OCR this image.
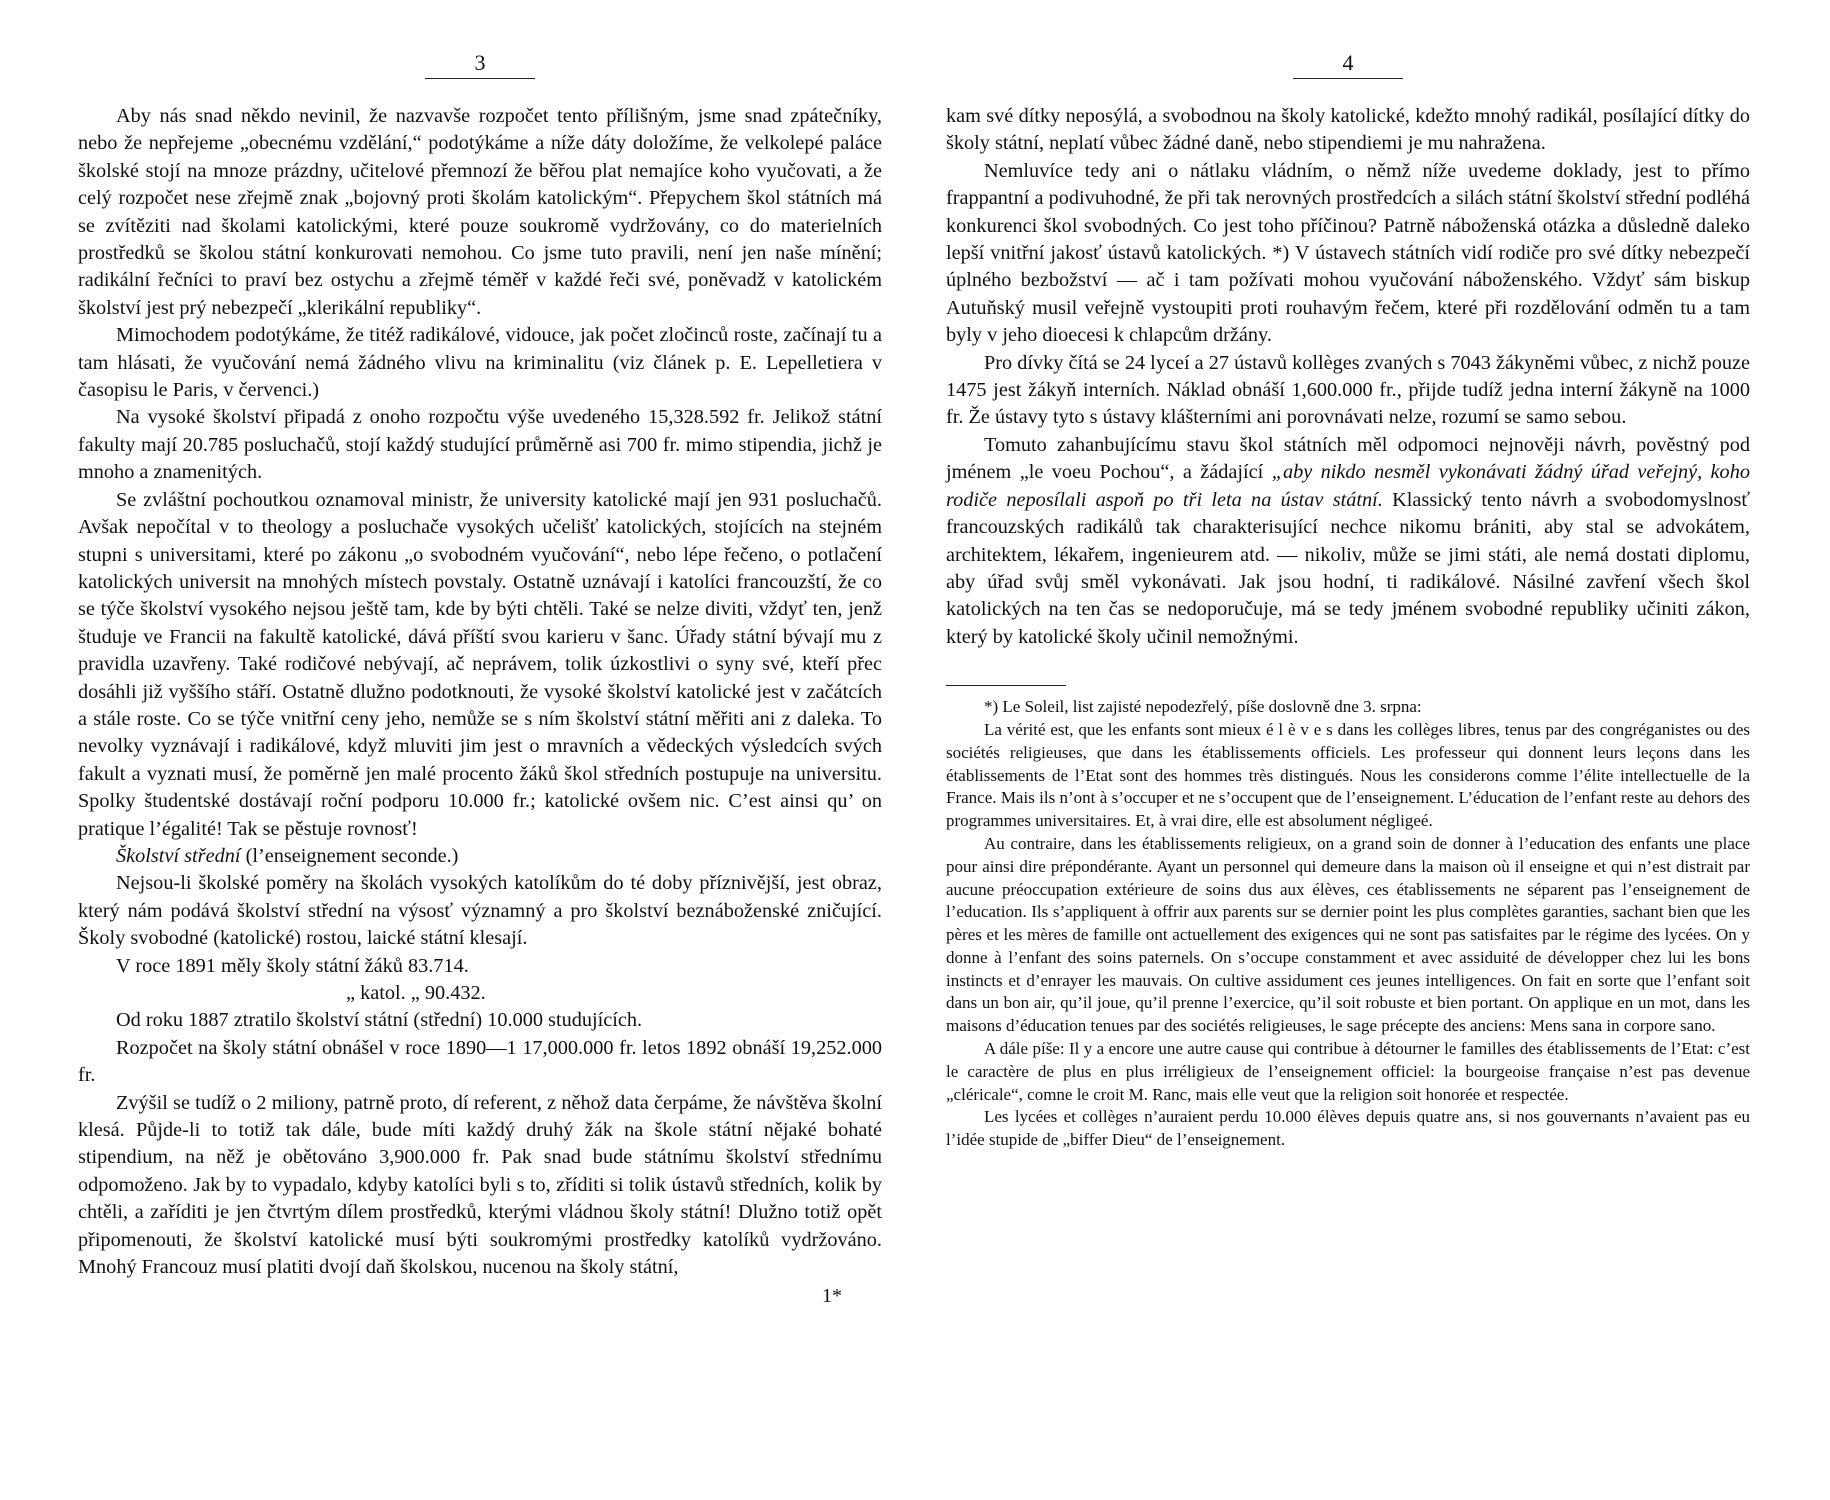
3

Aby nás snad někdo nevinil, že nazvavše rozpočet tento přílišným, jsme snad zpátečníky, nebo že nepřejeme „obecnému vzdělání,“ podotýkáme a níže dáty doložíme, že velkolepé paláce školské stojí na mnoze prázdny, učitelové přemnozí že běřou plat nemajíce koho vyučovati, a že celý rozpočet nese zřejmě znak „bojovný proti školám katolickým“. Přepychem škol státních má se zvítěziti nad školami katolickými, které pouze soukromě vydržovány, co do materielních prostředků se školou státní konkurovati nemohou. Co jsme tuto pravili, není jen naše mínění; radikální řečníci to praví bez ostychu a zřejmě téměř v každé řeči své, poněvadž v katolickém školství jest prý nebezpečí „klerikální republiky“.

Mimochodem podotýkáme, že titéž radikálové, vidouce, jak počet zločinců roste, začínají tu a tam hlásati, že vyučování nemá žádného vlivu na kriminalitu (viz článek p. E. Lepelletiera v časopisu le Paris, v červenci.)

Na vysoké školství připadá z onoho rozpočtu výše uvedeného 15,328.592 fr. Jelikož státní fakulty mají 20.785 posluchačů, stojí každý studující průměrně asi 700 fr. mimo stipendia, jichž je mnoho a znamenitých.

Se zvláštní pochoutkou oznamoval ministr, že university katolické mají jen 931 posluchačů. Avšak nepočítal v to theology a posluchače vysokých učelišť katolických, stojících na stejném stupni s universitami, které po zákonu „o svobodném vyučování“, nebo lépe řečeno, o potlačení katolických universit na mnohých místech povstaly. Ostatně uznávají i katolíci francouzští, že co se týče školství vysokého nejsou ještě tam, kde by býti chtěli. Také se nelze diviti, vždyť ten, jenž študuje ve Francii na fakultě katolické, dává příští svou karieru v šanc. Úřady státní bývají mu z pravidla uzavřeny. Také rodičové nebývají, ač neprávem, tolik úzkostlivi o syny své, kteří přec dosáhli již vyššího stáří. Ostatně dlužno podotknouti, že vysoké školství katolické jest v začátcích a stále roste. Co se týče vnitřní ceny jeho, nemůže se s ním školství státní měřiti ani z daleka. To nevolky vyznávají i radikálové, když mluviti jim jest o mravních a vědeckých výsledcích svých fakult a vyznati musí, že poměrně jen malé procento žáků škol středních postupuje na universitu. Spolky študentské dostávají roční podporu 10.000 fr.; katolické ovšem nic. C’est ainsi qu’ on pratique l’égalité! Tak se pěstuje rovnosť!

Školství střední (l’enseignement seconde.)

Nejsou-li školské poměry na školách vysokých katolíkům do té doby příznivější, jest obraz, který nám podává školství střední na výsosť významný a pro školství beznáboženské zničující. Školy svobodné (katolické) rostou, laické státní klesají.

V roce 1891 měly školy státní žáků 83.714.

„ katol. „ 90.432.

Od roku 1887 ztratilo školství státní (střední) 10.000 studujících.

Rozpočet na školy státní obnášel v roce 1890—1 17,000.000 fr. letos 1892 obnáší 19,252.000 fr.

Zvýšil se tudíž o 2 miliony, patrně proto, dí referent, z něhož data čerpáme, že návštěva školní klesá. Půjde-li to totiž tak dále, bude míti každý druhý žák na škole státní nějaké bohaté stipendium, na něž je obětováno 3,900.000 fr. Pak snad bude státnímu školství střednímu odpomoženo. Jak by to vypadalo, kdyby katolíci byli s to, zříditi si tolik ústavů středních, kolik by chtěli, a zaříditi je jen čtvrtým dílem prostředků, kterými vládnou školy státní! Dlužno totiž opět připomenouti, že školství katolické musí býti soukromými prostředky katolíků vydržováno. Mnohý Francouz musí platiti dvojí daň školskou, nucenou na školy státní,

1*
4

kam své dítky neposýlá, a svobodnou na školy katolické, kdežto mnohý radikál, posílající dítky do školy státní, neplatí vůbec žádné daně, nebo stipendiemi je mu nahražena.

Nemluvíce tedy ani o nátlaku vládním, o němž níže uvedeme doklady, jest to přímo frappantní a podivuhodné, že při tak nerovných prostředcích a silách státní školství střední podléhá konkurenci škol svobodných. Co jest toho příčinou? Patrně náboženská otázka a důsledně daleko lepší vnitřní jakosť ústavů katolických. *) V ústavech státních vidí rodiče pro své dítky nebezpečí úplného bezbožství — ač i tam požívati mohou vyučování náboženského. Vždyť sám biskup Autuňský musil veřejně vystoupiti proti rouhavým řečem, které při rozdělování odměn tu a tam byly v jeho dioecesi k chlapcům držány.

Pro dívky čítá se 24 lyceí a 27 ústavů kollèges zvaných s 7043 žákyněmi vůbec, z nichž pouze 1475 jest žákyň interních. Náklad obnáší 1,600.000 fr., přijde tudíž jedna interní žákyně na 1000 fr. Že ústavy tyto s ústavy klášterními ani porovnávati nelze, rozumí se samo sebou.

Tomuto zahanbujícímu stavu škol státních měl odpomoci nejnověji návrh, pověstný pod jménem „le voeu Pochou“, a žádající „aby nikdo nesměl vykonávati žádný úřad veřejný, koho rodiče neposílali aspoň po tři leta na ústav státní. Klassický tento návrh a svobodomyslnosť francouzských radikálů tak charakterisující nechce nikomu brániti, aby stal se advokátem, architektem, lékařem, ingenieurem atd. — nikoliv, může se jimi státi, ale nemá dostati diplomu, aby úřad svůj směl vykonávati. Jak jsou hodní, ti radikálové. Násilné zavření všech škol katolických na ten čas se nedoporučuje, má se tedy jménem svobodné republiky učiniti zákon, který by katolické školy učinil nemožnými.

*) Le Soleil, list zajisté nepodezřelý, píše doslovně dne 3. srpna:

La vérité est, que les enfants sont mieux é l è v e s dans les collèges libres, tenus par des congréganistes ou des sociétés religieuses, que dans les établissements officiels. Les professeur qui donnent leurs leçons dans les établissements de l’Etat sont des hommes très distingués. Nous les considerons comme l’élite intellectuelle de la France. Mais ils n’ont à s’occuper et ne s’occupent que de l’enseignement. L’éducation de l’enfant reste au dehors des programmes universitaires. Et, à vrai dire, elle est absolument négligeé.

Au contraire, dans les établissements religieux, on a grand soin de donner à l’education des enfants une place pour ainsi dire prépondérante. Ayant un personnel qui demeure dans la maison où il enseigne et qui n’est distrait par aucune préoccupation extérieure de soins dus aux élèves, ces établissements ne séparent pas l’enseignement de l’education. Ils s’appliquent à offrir aux parents sur se dernier point les plus complètes garanties, sachant bien que les pères et les mères de famille ont actuellement des exigences qui ne sont pas satisfaites par le régime des lycées. On y donne à l’enfant des soins paternels. On s’occupe constamment et avec assiduité de développer chez lui les bons instincts et d’enrayer les mauvais. On cultive assidument ces jeunes intelligences. On fait en sorte que l’enfant soit dans un bon air, qu’il joue, qu’il prenne l’exercice, qu’il soit robuste et bien portant. On applique en un mot, dans les maisons d’éducation tenues par des sociétés religieuses, le sage précepte des anciens: Mens sana in corpore sano.

A dále píše: Il y a encore une autre cause qui contribue à détourner le familles des établissements de l’Etat: c’est le caractère de plus en plus irréligieux de l’enseignement officiel: la bourgeoise française n’est pas devenue „cléricale“, comne le croit M. Ranc, mais elle veut que la religion soit honorée et respectée.

Les lycées et collèges n’auraient perdu 10.000 élèves depuis quatre ans, si nos gouvernants n’avaient pas eu l’idée stupide de „biffer Dieu“ de l’enseignement.
